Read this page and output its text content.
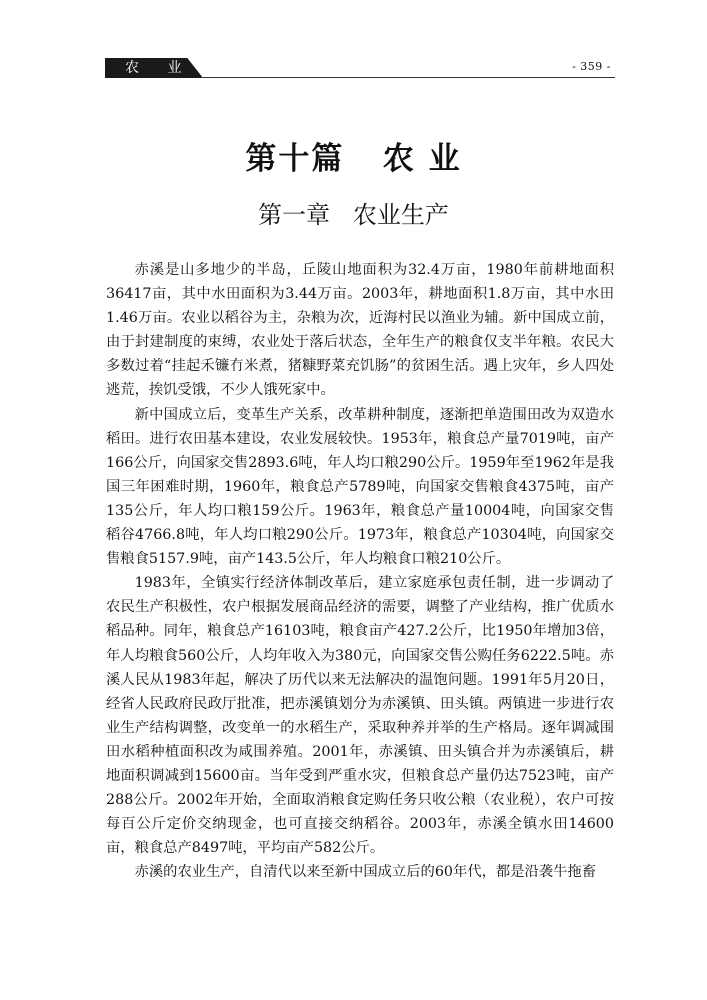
农 业	- 359 -
第十篇   农 业
第一章   农业生产

赤溪是山多地少的半岛，丘陵山地面积为32.4万亩，1980年前耕地面积36417亩，其中水田面积为3.44万亩。2003年，耕地面积1.8万亩，其中水田1.46万亩。农业以稻谷为主，杂粮为次，近海村民以渔业为辅。新中国成立前，由于封建制度的束缚，农业处于落后状态，全年生产的粮食仅支半年粮。农民大多数过着“挂起禾镰冇米煮，猪糠野菜充饥肠”的贫困生活。遇上灾年，乡人四处逃荒，挨饥受饿，不少人饿死家中。

新中国成立后，变革生产关系，改革耕种制度，逐渐把单造围田改为双造水稻田。进行农田基本建设，农业发展较快。1953年，粮食总产量7019吨，亩产166公斤，向国家交售2893.6吨，年人均口粮290公斤。1959年至1962年是我国三年困难时期，1960年，粮食总产5789吨，向国家交售粮食4375吨，亩产135公斤，年人均口粮159公斤。1963年，粮食总产量10004吨，向国家交售稻谷4766.8吨，年人均口粮290公斤。1973年，粮食总产10304吨，向国家交售粮食5157.9吨，亩产143.5公斤，年人均粮食口粮210公斤。

1983年，全镇实行经济体制改革后，建立家庭承包责任制，进一步调动了农民生产积极性，农户根据发展商品经济的需要，调整了产业结构，推广优质水稻品种。同年，粮食总产16103吨，粮食亩产427.2公斤，比1950年增加3倍，年人均粮食560公斤，人均年收入为380元，向国家交售公购任务6222.5吨。赤溪人民从1983年起，解决了历代以来无法解决的温饱问题。1991年5月20日，经省人民政府民政厅批准，把赤溪镇划分为赤溪镇、田头镇。两镇进一步进行农业生产结构调整，改变单一的水稻生产，采取种养并举的生产格局。逐年调减围田水稻种植面积改为咸围养殖。2001年，赤溪镇、田头镇合并为赤溪镇后，耕地面积调减到15600亩。当年受到严重水灾，但粮食总产量仍达7523吨，亩产288公斤。2002年开始，全面取消粮食定购任务只收公粮（农业税），农户可按每百公斤定价交纳现金，也可直接交纳稻谷。2003年，赤溪全镇水田14600亩，粮食总产8497吨，平均亩产582公斤。

赤溪的农业生产，自清代以来至新中国成立后的60年代，都是沿袭牛拖畜
